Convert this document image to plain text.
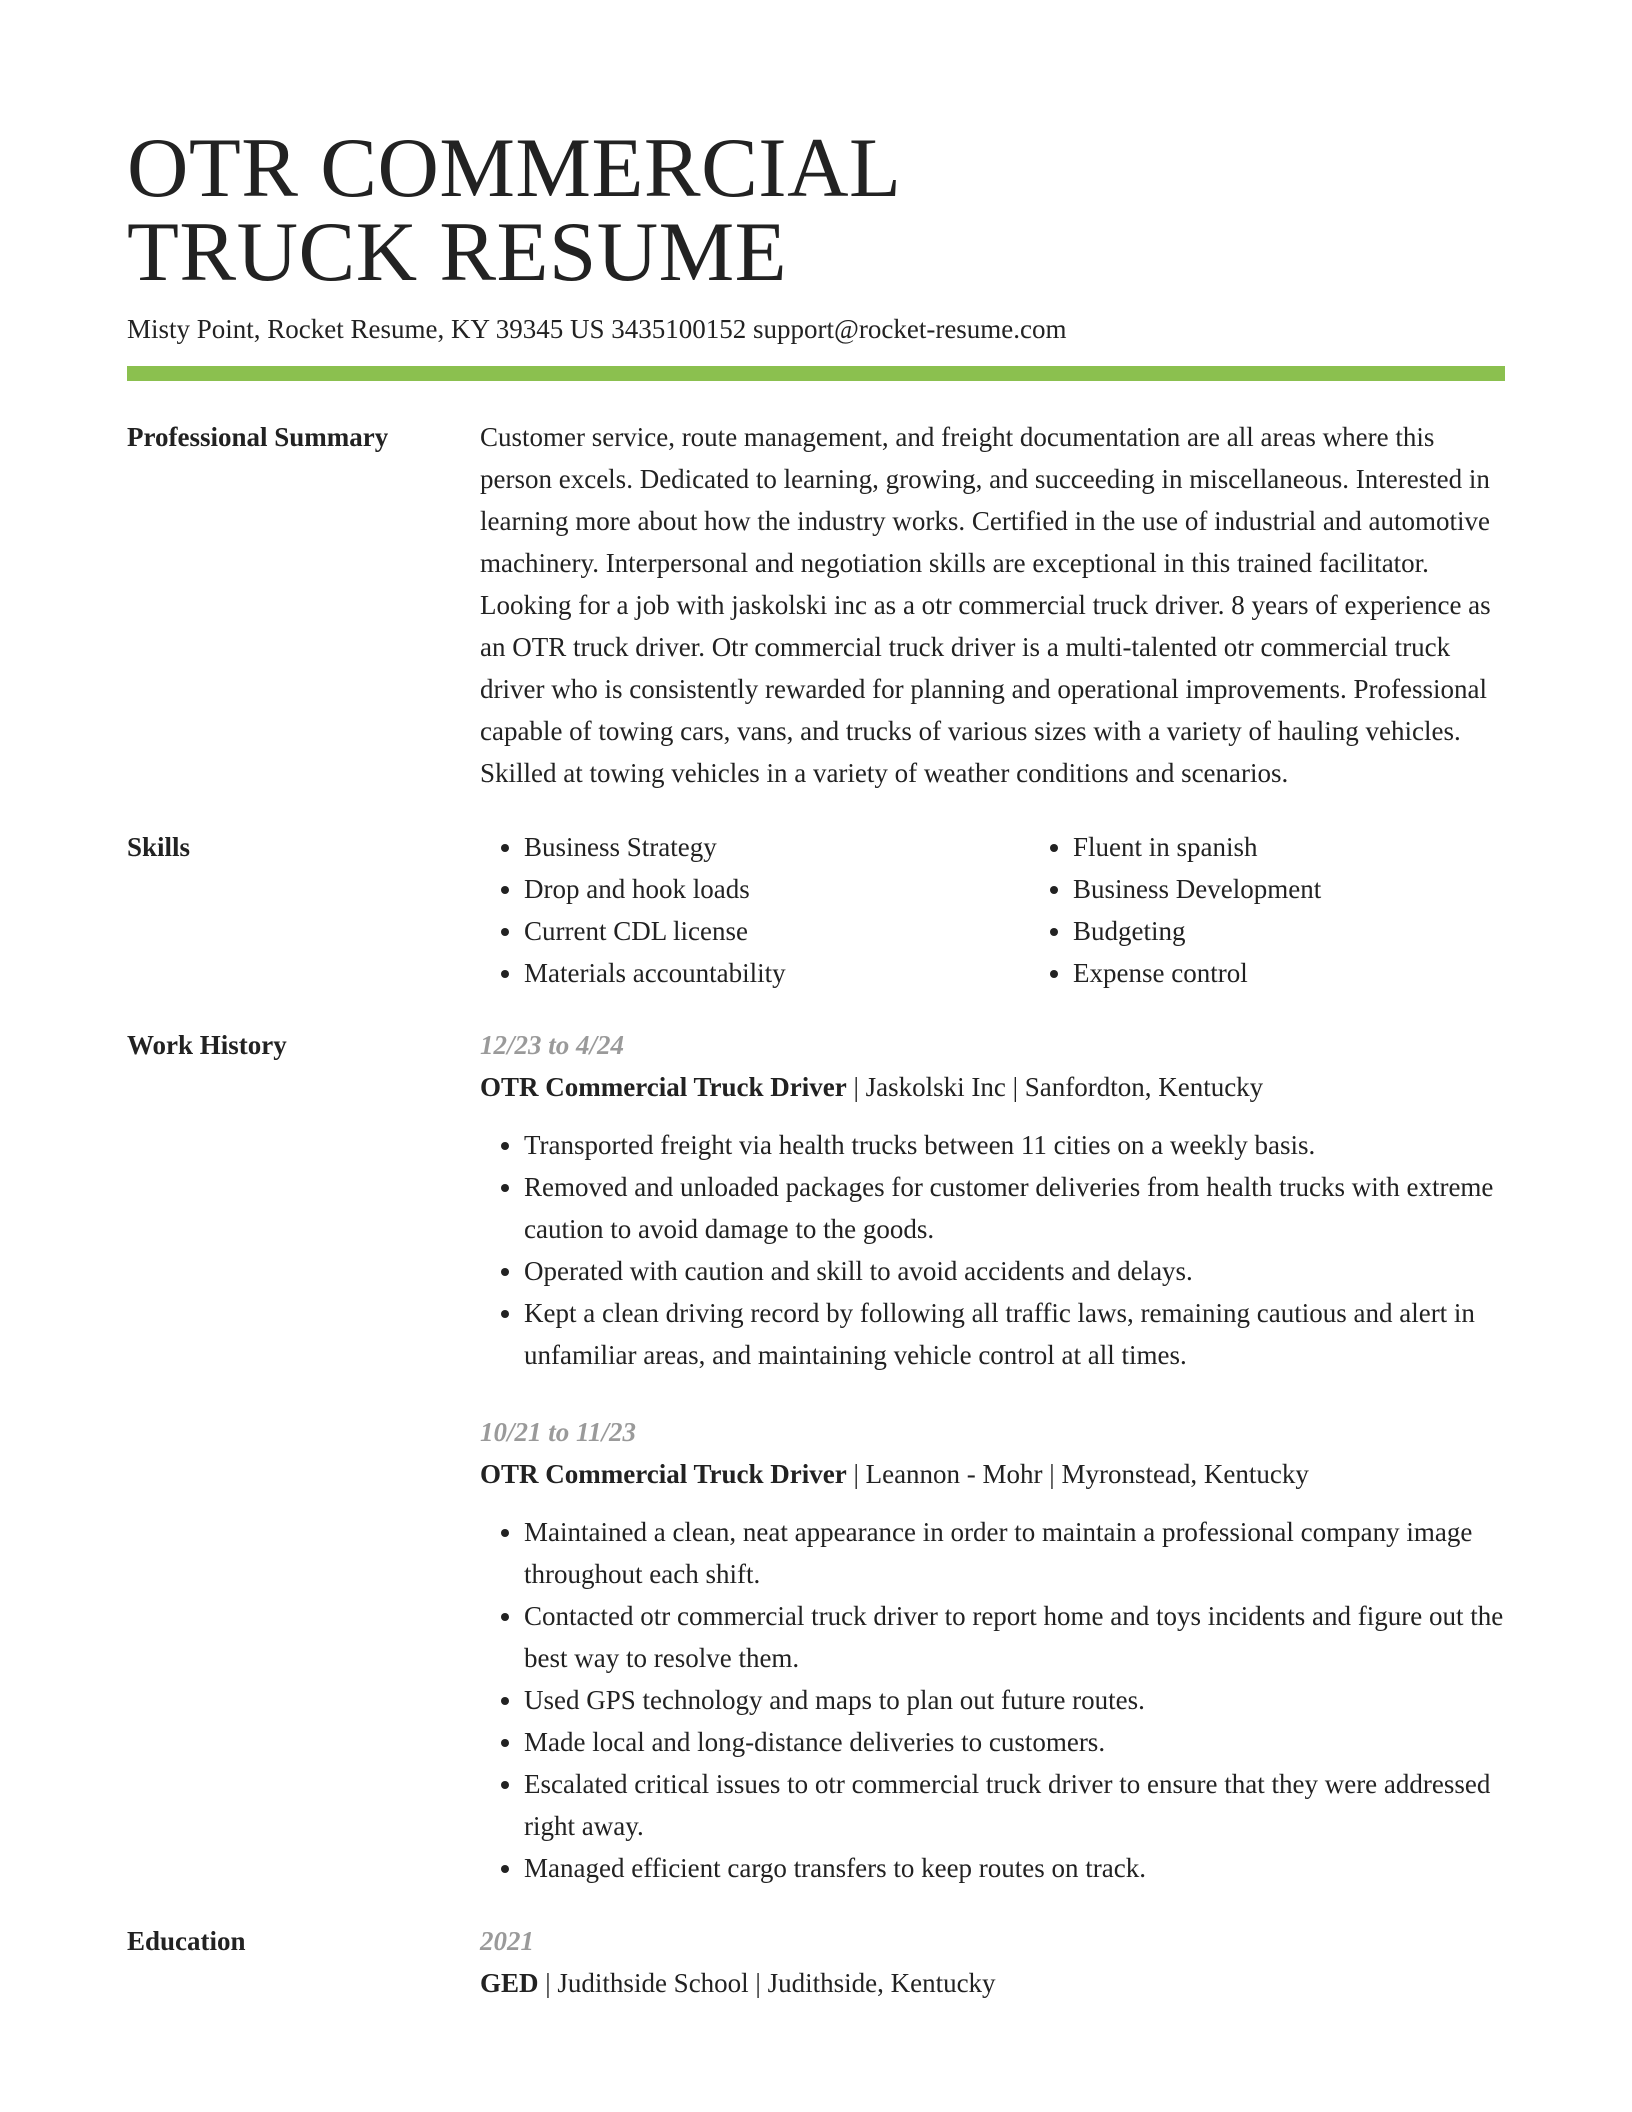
OTR COMMERCIAL
TRUCK RESUME
Misty Point, Rocket Resume, KY 39345 US 3435100152 support@rocket-resume.com
Professional Summary	Customer service, route management, and freight documentation are all areas where this person excels. Dedicated to learning, growing, and succeeding in miscellaneous. Interested in learning more about how the industry works. Certified in the use of industrial and automotive machinery. Interpersonal and negotiation skills are exceptional in this trained facilitator. Looking for a job with jaskolski inc as a otr commercial truck driver. 8 years of experience as an OTR truck driver. Otr commercial truck driver is a multi-talented otr commercial truck driver who is consistently rewarded for planning and operational improvements. Professional capable of towing cars, vans, and trucks of various sizes with a variety of hauling vehicles. Skilled at towing vehicles in a variety of weather conditions and scenarios.
Skills
•	Business Strategy
• Drop and hook loads
• Current CDL license
• Materials accountability
• Fluent in spanish
• Business Development
• Budgeting
• Expense control
Work History	12/23 to 4/24
OTR Commercial Truck Driver | Jaskolski Inc | Sanfordton, Kentucky
• Transported freight via health trucks between 11 cities on a weekly basis.
• Removed and unloaded packages for customer deliveries from health trucks with extreme caution to avoid damage to the goods.
• Operated with caution and skill to avoid accidents and delays.
• Kept a clean driving record by following all traffic laws, remaining cautious and alert in unfamiliar areas, and maintaining vehicle control at all times.
10/21 to 11/23
OTR Commercial Truck Driver | Leannon - Mohr | Myronstead, Kentucky
• Maintained a clean, neat appearance in order to maintain a professional company image throughout each shift.
• Contacted otr commercial truck driver to report home and toys incidents and figure out the best way to resolve them.
• Used GPS technology and maps to plan out future routes.
• Made local and long-distance deliveries to customers.
• Escalated critical issues to otr commercial truck driver to ensure that they were addressed right away.
• Managed efficient cargo transfers to keep routes on track.
Education	2021
GED | Judithside School | Judithside, Kentucky
